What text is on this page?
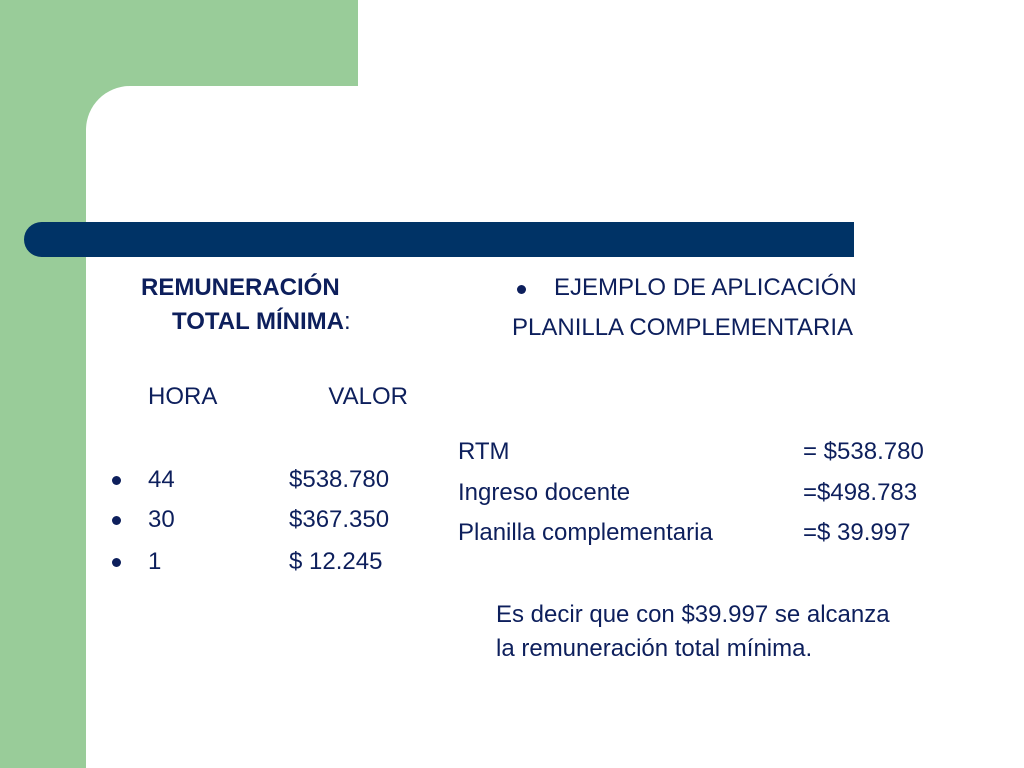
REMUNERACIÓN
TOTAL MÍNIMA:
HORA	VALOR
44	$538.780
30	$367.350
1	$ 12.245
EJEMPLO DE APLICACIÓN
PLANILLA COMPLEMENTARIA
RTM	= $538.780
Ingreso docente	=$498.783
Planilla complementaria	=$ 39.997
Es decir que con $39.997 se alcanza
la remuneración total mínima.
